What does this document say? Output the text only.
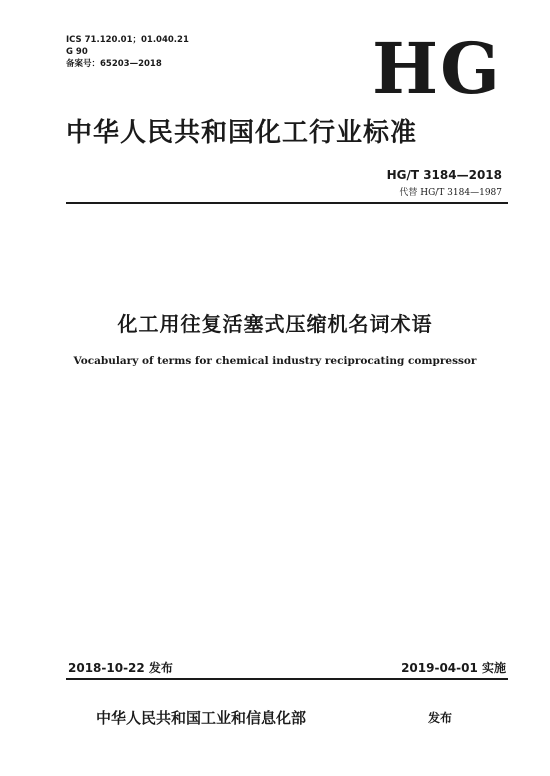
ICS 71.120.01；01.040.21
G 90
备案号：65203—2018	HG
中华人民共和国化工行业标准
HG/T 3184—2018
代替 HG/T 3184—1987
化工用往复活塞式压缩机名词术语
Vocabulary of terms for chemical industry reciprocating compressor
2018-10-22 发布	2019-04-01 实施
中华人民共和国工业和信息化部	发布
